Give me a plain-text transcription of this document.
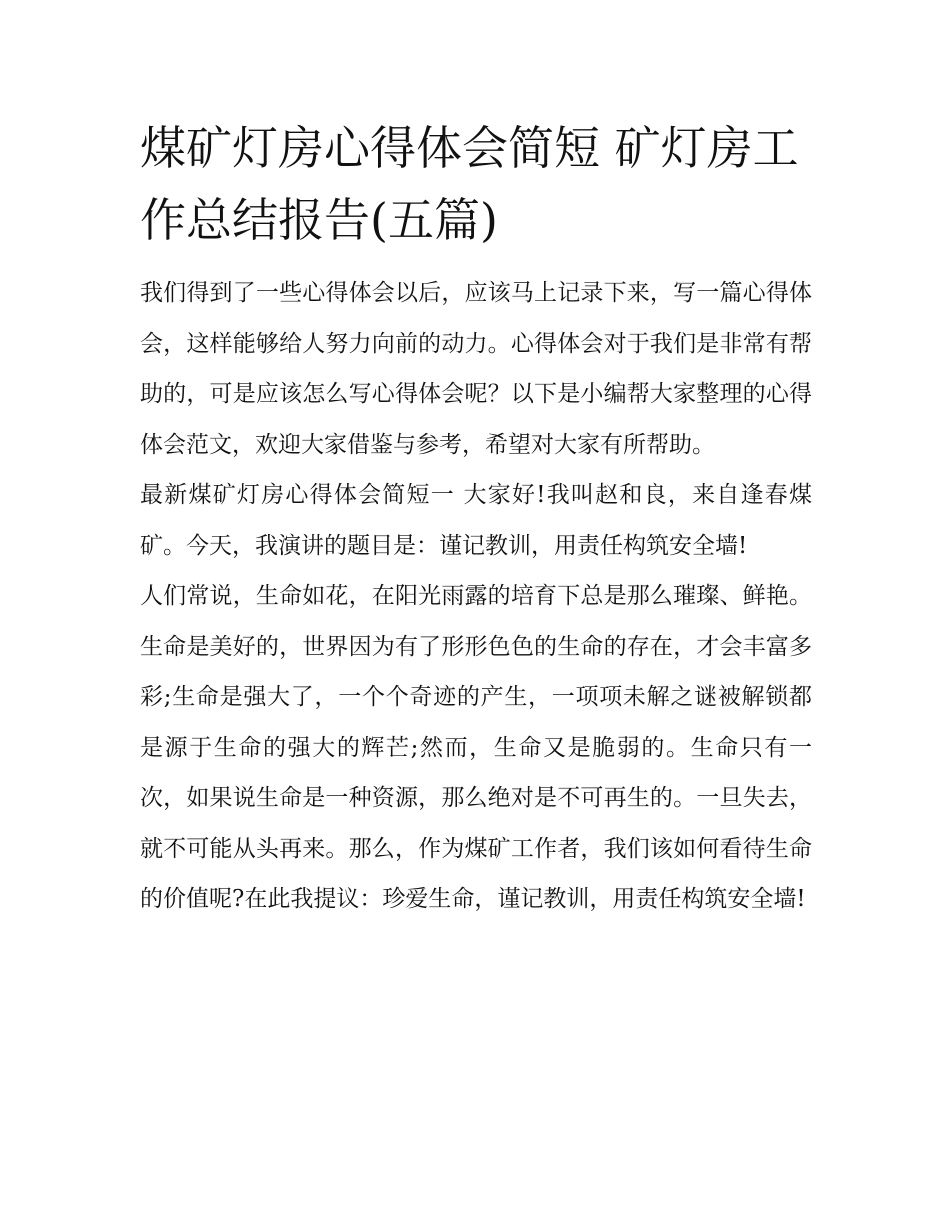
煤矿灯房心得体会简短 矿灯房工作总结报告(五篇)

我们得到了一些心得体会以后，应该马上记录下来，写一篇心得体会，这样能够给人努力向前的动力。心得体会对于我们是非常有帮助的，可是应该怎么写心得体会呢？以下是小编帮大家整理的心得体会范文，欢迎大家借鉴与参考，希望对大家有所帮助。

最新煤矿灯房心得体会简短一 大家好!我叫赵和良，来自逢春煤矿。今天，我演讲的题目是：谨记教训，用责任构筑安全墙!

人们常说，生命如花，在阳光雨露的培育下总是那么璀璨、鲜艳。生命是美好的，世界因为有了形形色色的生命的存在，才会丰富多彩;生命是强大了，一个个奇迹的产生，一项项未解之谜被解锁都是源于生命的强大的辉芒;然而，生命又是脆弱的。生命只有一次，如果说生命是一种资源，那么绝对是不可再生的。一旦失去，就不可能从头再来。那么，作为煤矿工作者，我们该如何看待生命的价值呢?在此我提议：珍爱生命，谨记教训，用责任构筑安全墙!
